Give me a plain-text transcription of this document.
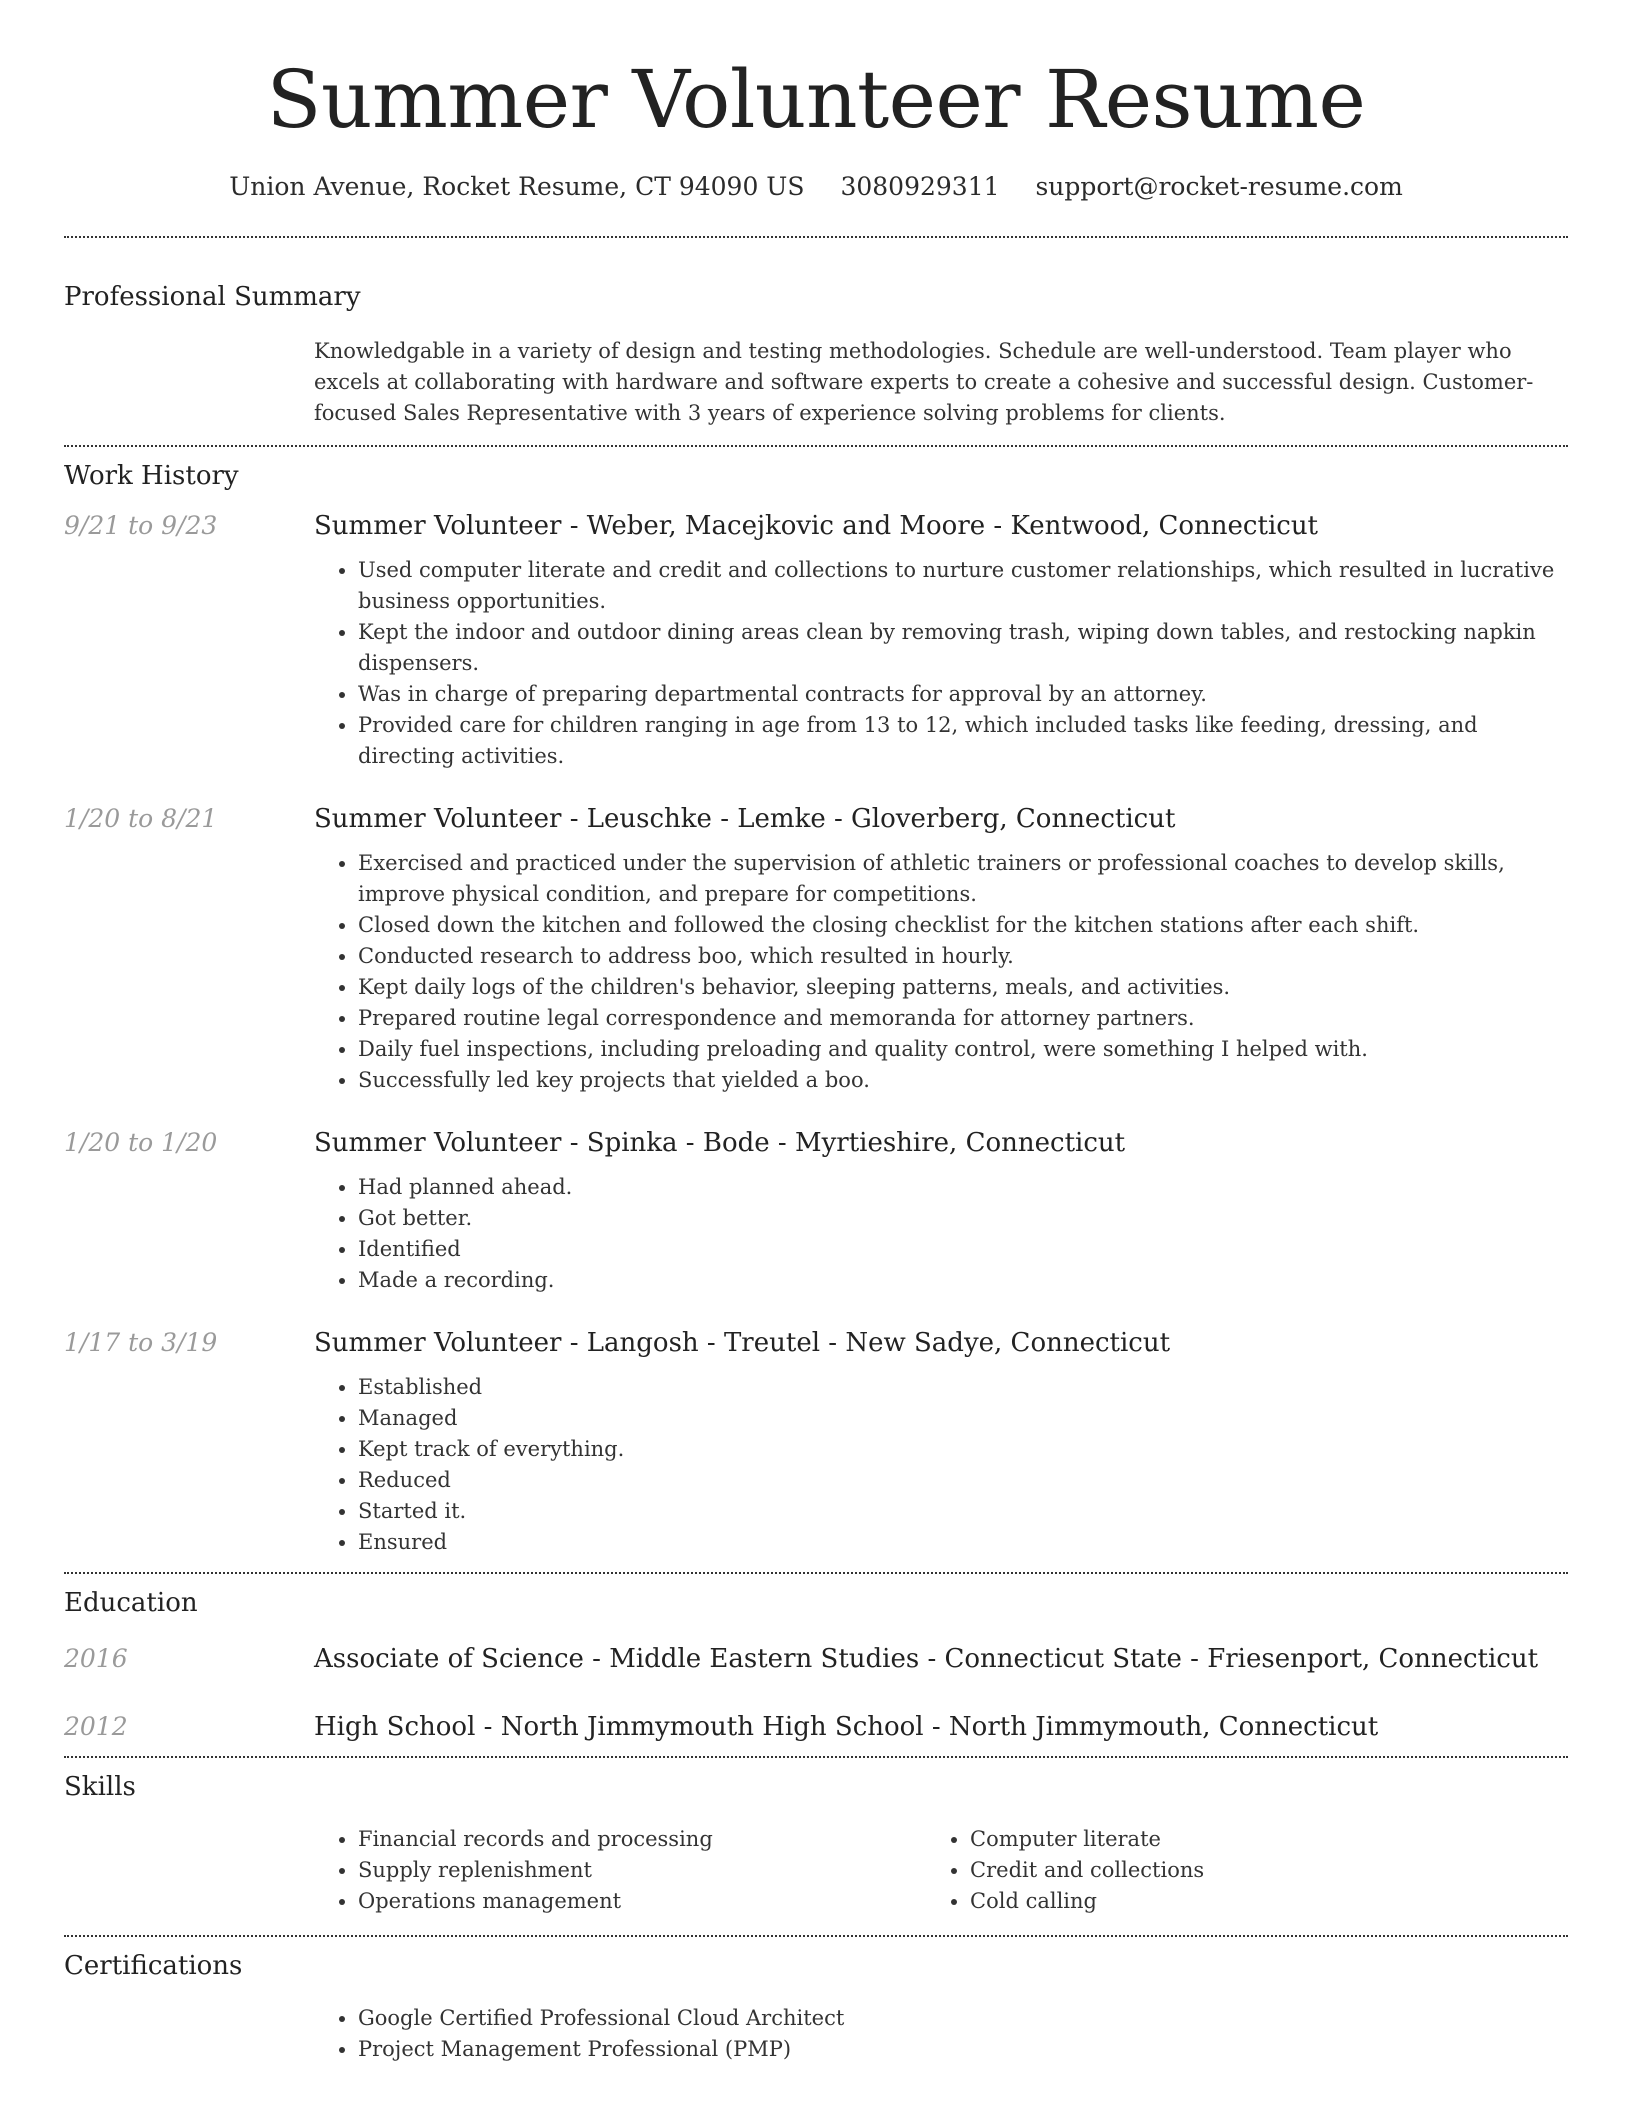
Summer Volunteer Resume
Union Avenue, Rocket Resume, CT 94090 US 3080929311 support@rocket-resume.com
Professional Summary

Knowledgable in a variety of design and testing methodologies. Schedule are well-understood. Team player who excels at collaborating with hardware and software experts to create a cohesive and successful design. Customer-focused Sales Representative with 3 years of experience solving problems for clients.

Work History
9/21 to 9/23	Summer Volunteer - Weber, Macejkovic and Moore - Kentwood, Connecticut
• Used computer literate and credit and collections to nurture customer relationships, which resulted in lucrative business opportunities.
• Kept the indoor and outdoor dining areas clean by removing trash, wiping down tables, and restocking napkin dispensers.
• Was in charge of preparing departmental contracts for approval by an attorney.
• Provided care for children ranging in age from 13 to 12, which included tasks like feeding, dressing, and directing activities.
1/20 to 8/21	Summer Volunteer - Leuschke - Lemke - Gloverberg, Connecticut
• Exercised and practiced under the supervision of athletic trainers or professional coaches to develop skills, improve physical condition, and prepare for competitions.
• Closed down the kitchen and followed the closing checklist for the kitchen stations after each shift.
• Conducted research to address boo, which resulted in hourly.
• Kept daily logs of the children's behavior, sleeping patterns, meals, and activities.
• Prepared routine legal correspondence and memoranda for attorney partners.
• Daily fuel inspections, including preloading and quality control, were something I helped with.
• Successfully led key projects that yielded a boo.
1/20 to 1/20	Summer Volunteer - Spinka - Bode - Myrtieshire, Connecticut
• Had planned ahead.
• Got better.
• Identified
• Made a recording.
1/17 to 3/19	Summer Volunteer - Langosh - Treutel - New Sadye, Connecticut
• Established
• Managed
• Kept track of everything.
• Reduced
• Started it.
• Ensured
Education
2016	Associate of Science - Middle Eastern Studies - Connecticut State - Friesenport, Connecticut
2012	High School - North Jimmymouth High School - North Jimmymouth, Connecticut
Skills
• Financial records and processing
• Supply replenishment
• Operations management
• Computer literate
• Credit and collections
• Cold calling
Certifications
• Google Certified Professional Cloud Architect
• Project Management Professional (PMP)
